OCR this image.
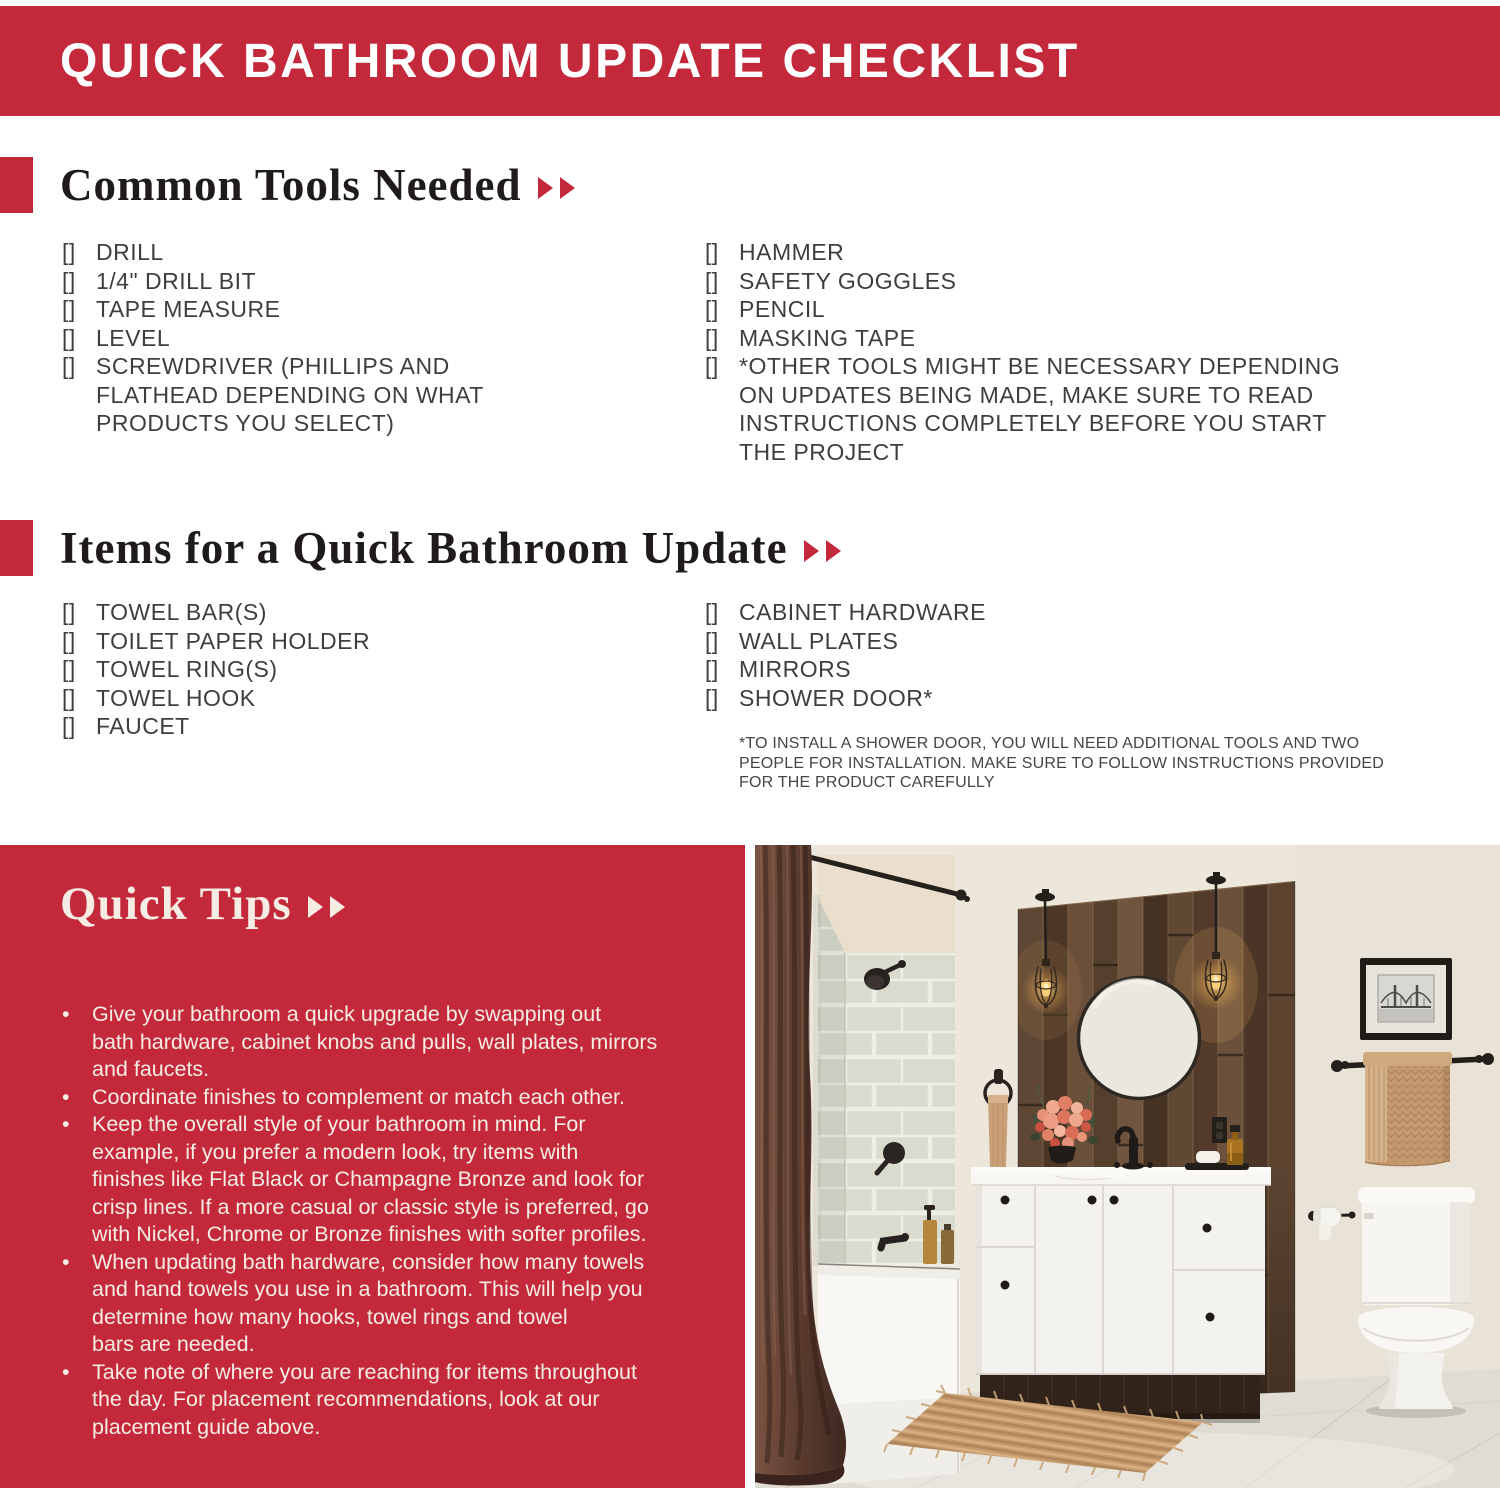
QUICK BATHROOM UPDATE CHECKLIST
Common Tools Needed
[] DRILL
[] 1/4" DRILL BIT
[] TAPE MEASURE
[] LEVEL
[] SCREWDRIVER (PHILLIPS AND
FLATHEAD DEPENDING ON WHAT
PRODUCTS YOU SELECT)
[] HAMMER
[] SAFETY GOGGLES
[] PENCIL
[] MASKING TAPE
[] *OTHER TOOLS MIGHT BE NECESSARY DEPENDING
ON UPDATES BEING MADE, MAKE SURE TO READ
INSTRUCTIONS COMPLETELY BEFORE YOU START
THE PROJECT
Items for a Quick Bathroom Update
[] TOWEL BAR(S)
[] TOILET PAPER HOLDER
[] TOWEL RING(S)
[] TOWEL HOOK
[] FAUCET
[] CABINET HARDWARE
[] WALL PLATES
[] MIRRORS
[] SHOWER DOOR*
*TO INSTALL A SHOWER DOOR, YOU WILL NEED ADDITIONAL TOOLS AND TWO
PEOPLE FOR INSTALLATION. MAKE SURE TO FOLLOW INSTRUCTIONS PROVIDED
FOR THE PRODUCT CAREFULLY
Quick Tips
•	Give your bathroom a quick upgrade by swapping out
bath hardware, cabinet knobs and pulls, wall plates, mirrors
and faucets.
•	Coordinate finishes to complement or match each other.
•	Keep the overall style of your bathroom in mind. For
example, if you prefer a modern look, try items with
finishes like Flat Black or Champagne Bronze and look for
crisp lines. If a more casual or classic style is preferred, go
with Nickel, Chrome or Bronze finishes with softer profiles.
•	When updating bath hardware, consider how many towels
and hand towels you use in a bathroom. This will help you
determine how many hooks, towel rings and towel
bars are needed.
•	Take note of where you are reaching for items throughout
the day. For placement recommendations, look at our
placement guide above.
